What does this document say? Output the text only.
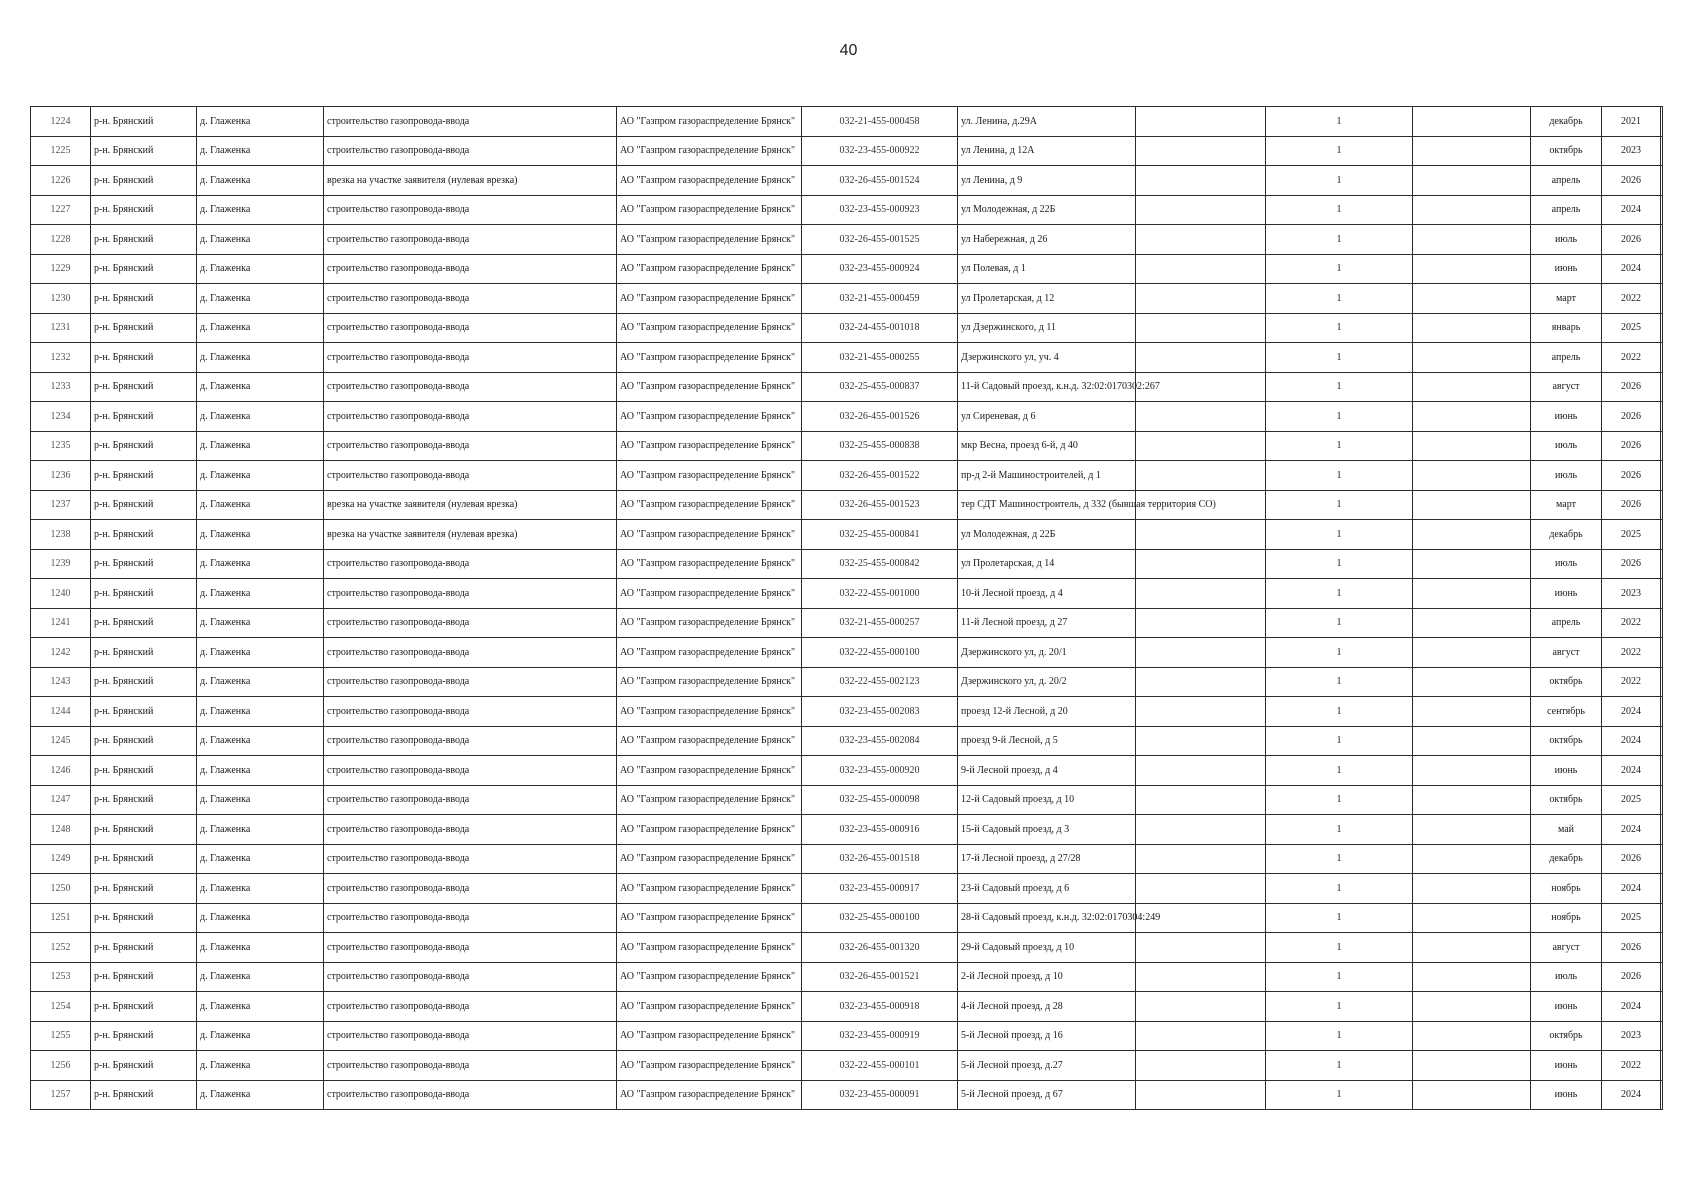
40
1224	р-н. Брянский	д. Глаженка	строительство газопровода-ввода	АО "Газпром газораспределение Брянск"	032-21-455-000458	ул. Ленина, д.29А		1		декабрь	2021	
1225	р-н. Брянский	д. Глаженка	строительство газопровода-ввода	АО "Газпром газораспределение Брянск"	032-23-455-000922	ул Ленина, д 12А		1		октябрь	2023	
1226	р-н. Брянский	д. Глаженка	врезка на участке заявителя (нулевая врезка)	АО "Газпром газораспределение Брянск"	032-26-455-001524	ул Ленина, д 9		1		апрель	2026	
1227	р-н. Брянский	д. Глаженка	строительство газопровода-ввода	АО "Газпром газораспределение Брянск"	032-23-455-000923	ул Молодежная, д 22Б		1		апрель	2024	
1228	р-н. Брянский	д. Глаженка	строительство газопровода-ввода	АО "Газпром газораспределение Брянск"	032-26-455-001525	ул Набережная, д 26		1		июль	2026	
1229	р-н. Брянский	д. Глаженка	строительство газопровода-ввода	АО "Газпром газораспределение Брянск"	032-23-455-000924	ул Полевая, д 1		1		июнь	2024	
1230	р-н. Брянский	д. Глаженка	строительство газопровода-ввода	АО "Газпром газораспределение Брянск"	032-21-455-000459	ул Пролетарская, д 12		1		март	2022	
1231	р-н. Брянский	д. Глаженка	строительство газопровода-ввода	АО "Газпром газораспределение Брянск"	032-24-455-001018	ул Дзержинского, д 11		1		январь	2025	
1232	р-н. Брянский	д. Глаженка	строительство газопровода-ввода	АО "Газпром газораспределение Брянск"	032-21-455-000255	Дзержинского ул, уч. 4		1		апрель	2022	
1233	р-н. Брянский	д. Глаженка	строительство газопровода-ввода	АО "Газпром газораспределение Брянск"	032-25-455-000837	11-й Садовый проезд, к.н.д. 32:02:0170302:267		1		август	2026	
1234	р-н. Брянский	д. Глаженка	строительство газопровода-ввода	АО "Газпром газораспределение Брянск"	032-26-455-001526	ул Сиреневая, д 6		1		июнь	2026	
1235	р-н. Брянский	д. Глаженка	строительство газопровода-ввода	АО "Газпром газораспределение Брянск"	032-25-455-000838	мкр Весна, проезд 6-й, д 40		1		июль	2026	
1236	р-н. Брянский	д. Глаженка	строительство газопровода-ввода	АО "Газпром газораспределение Брянск"	032-26-455-001522	пр-д 2-й Машиностроителей, д 1		1		июль	2026	
1237	р-н. Брянский	д. Глаженка	врезка на участке заявителя (нулевая врезка)	АО "Газпром газораспределение Брянск"	032-26-455-001523	тер СДТ Машиностроитель, д 332 (бывшая территория СО)		1		март	2026	
1238	р-н. Брянский	д. Глаженка	врезка на участке заявителя (нулевая врезка)	АО "Газпром газораспределение Брянск"	032-25-455-000841	ул Молодежная, д 22Б		1		декабрь	2025	
1239	р-н. Брянский	д. Глаженка	строительство газопровода-ввода	АО "Газпром газораспределение Брянск"	032-25-455-000842	ул Пролетарская, д 14		1		июль	2026	
1240	р-н. Брянский	д. Глаженка	строительство газопровода-ввода	АО "Газпром газораспределение Брянск"	032-22-455-001000	10-й Лесной проезд, д 4		1		июнь	2023	
1241	р-н. Брянский	д. Глаженка	строительство газопровода-ввода	АО "Газпром газораспределение Брянск"	032-21-455-000257	11-й Лесной проезд, д 27		1		апрель	2022	
1242	р-н. Брянский	д. Глаженка	строительство газопровода-ввода	АО "Газпром газораспределение Брянск"	032-22-455-000100	Дзержинского ул, д. 20/1		1		август	2022	
1243	р-н. Брянский	д. Глаженка	строительство газопровода-ввода	АО "Газпром газораспределение Брянск"	032-22-455-002123	Дзержинского ул, д. 20/2		1		октябрь	2022	
1244	р-н. Брянский	д. Глаженка	строительство газопровода-ввода	АО "Газпром газораспределение Брянск"	032-23-455-002083	проезд 12-й Лесной, д 20		1		сентябрь	2024	
1245	р-н. Брянский	д. Глаженка	строительство газопровода-ввода	АО "Газпром газораспределение Брянск"	032-23-455-002084	проезд 9-й Лесной, д 5		1		октябрь	2024	
1246	р-н. Брянский	д. Глаженка	строительство газопровода-ввода	АО "Газпром газораспределение Брянск"	032-23-455-000920	9-й Лесной проезд, д 4		1		июнь	2024	
1247	р-н. Брянский	д. Глаженка	строительство газопровода-ввода	АО "Газпром газораспределение Брянск"	032-25-455-000098	12-й Садовый проезд, д 10		1		октябрь	2025	
1248	р-н. Брянский	д. Глаженка	строительство газопровода-ввода	АО "Газпром газораспределение Брянск"	032-23-455-000916	15-й Садовый проезд, д 3		1		май	2024	
1249	р-н. Брянский	д. Глаженка	строительство газопровода-ввода	АО "Газпром газораспределение Брянск"	032-26-455-001518	17-й Лесной проезд, д 27/28		1		декабрь	2026	
1250	р-н. Брянский	д. Глаженка	строительство газопровода-ввода	АО "Газпром газораспределение Брянск"	032-23-455-000917	23-й Садовый проезд, д 6		1		ноябрь	2024	
1251	р-н. Брянский	д. Глаженка	строительство газопровода-ввода	АО "Газпром газораспределение Брянск"	032-25-455-000100	28-й Садовый проезд, к.н.д. 32:02:0170304:249		1		ноябрь	2025	
1252	р-н. Брянский	д. Глаженка	строительство газопровода-ввода	АО "Газпром газораспределение Брянск"	032-26-455-001320	29-й Садовый проезд, д 10		1		август	2026	
1253	р-н. Брянский	д. Глаженка	строительство газопровода-ввода	АО "Газпром газораспределение Брянск"	032-26-455-001521	2-й Лесной проезд, д 10		1		июль	2026	
1254	р-н. Брянский	д. Глаженка	строительство газопровода-ввода	АО "Газпром газораспределение Брянск"	032-23-455-000918	4-й Лесной проезд, д 28		1		июнь	2024	
1255	р-н. Брянский	д. Глаженка	строительство газопровода-ввода	АО "Газпром газораспределение Брянск"	032-23-455-000919	5-й Лесной проезд, д 16		1		октябрь	2023	
1256	р-н. Брянский	д. Глаженка	строительство газопровода-ввода	АО "Газпром газораспределение Брянск"	032-22-455-000101	5-й Лесной проезд, д.27		1		июнь	2022	
1257	р-н. Брянский	д. Глаженка	строительство газопровода-ввода	АО "Газпром газораспределение Брянск"	032-23-455-000091	5-й Лесной проезд, д 67		1		июнь	2024	
